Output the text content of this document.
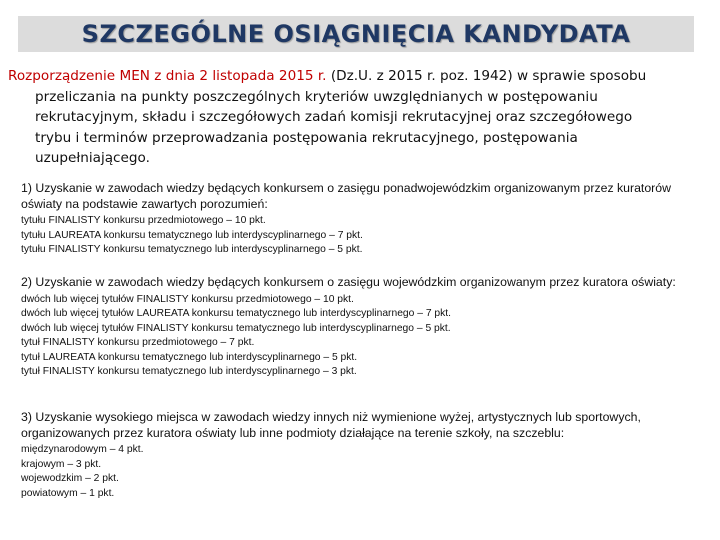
SZCZEGÓLNE OSIĄGNIĘCIA KANDYDATA
Rozporządzenie MEN z dnia 2 listopada 2015 r. (Dz.U. z 2015 r. poz. 1942) w sprawie sposobu
przeliczania na punkty poszczególnych kryteriów uwzględnianych w postępowaniu
rekrutacyjnym, składu i szczegółowych zadań komisji rekrutacyjnej oraz szczegółowego
trybu i terminów przeprowadzania postępowania rekrutacyjnego, postępowania
uzupełniającego.
1) Uzyskanie w zawodach wiedzy będących konkursem o zasięgu ponadwojewódzkim organizowanym przez kuratorów oświaty na podstawie zawartych porozumień:
tytułu FINALISTY konkursu przedmiotowego – 10 pkt.
tytułu LAUREATA konkursu tematycznego lub interdyscyplinarnego – 7 pkt.
tytułu FINALISTY konkursu tematycznego lub interdyscyplinarnego – 5 pkt.
2) Uzyskanie w zawodach wiedzy będących konkursem o zasięgu wojewódzkim organizowanym przez kuratora oświaty:
dwóch lub więcej tytułów FINALISTY konkursu przedmiotowego – 10 pkt.
dwóch lub więcej tytułów LAUREATA konkursu tematycznego lub interdyscyplinarnego – 7 pkt.
dwóch lub więcej tytułów FINALISTY konkursu tematycznego lub interdyscyplinarnego – 5 pkt.
tytuł FINALISTY konkursu przedmiotowego – 7 pkt.
tytuł LAUREATA konkursu tematycznego lub interdyscyplinarnego – 5 pkt.
tytuł FINALISTY konkursu tematycznego lub interdyscyplinarnego – 3 pkt.
3) Uzyskanie wysokiego miejsca w zawodach wiedzy innych niż wymienione wyżej, artystycznych lub sportowych, organizowanych przez kuratora oświaty lub inne podmioty działające na terenie szkoły, na szczeblu:
międzynarodowym – 4 pkt.
krajowym – 3 pkt.
wojewodzkim – 2 pkt.
powiatowym – 1 pkt.
